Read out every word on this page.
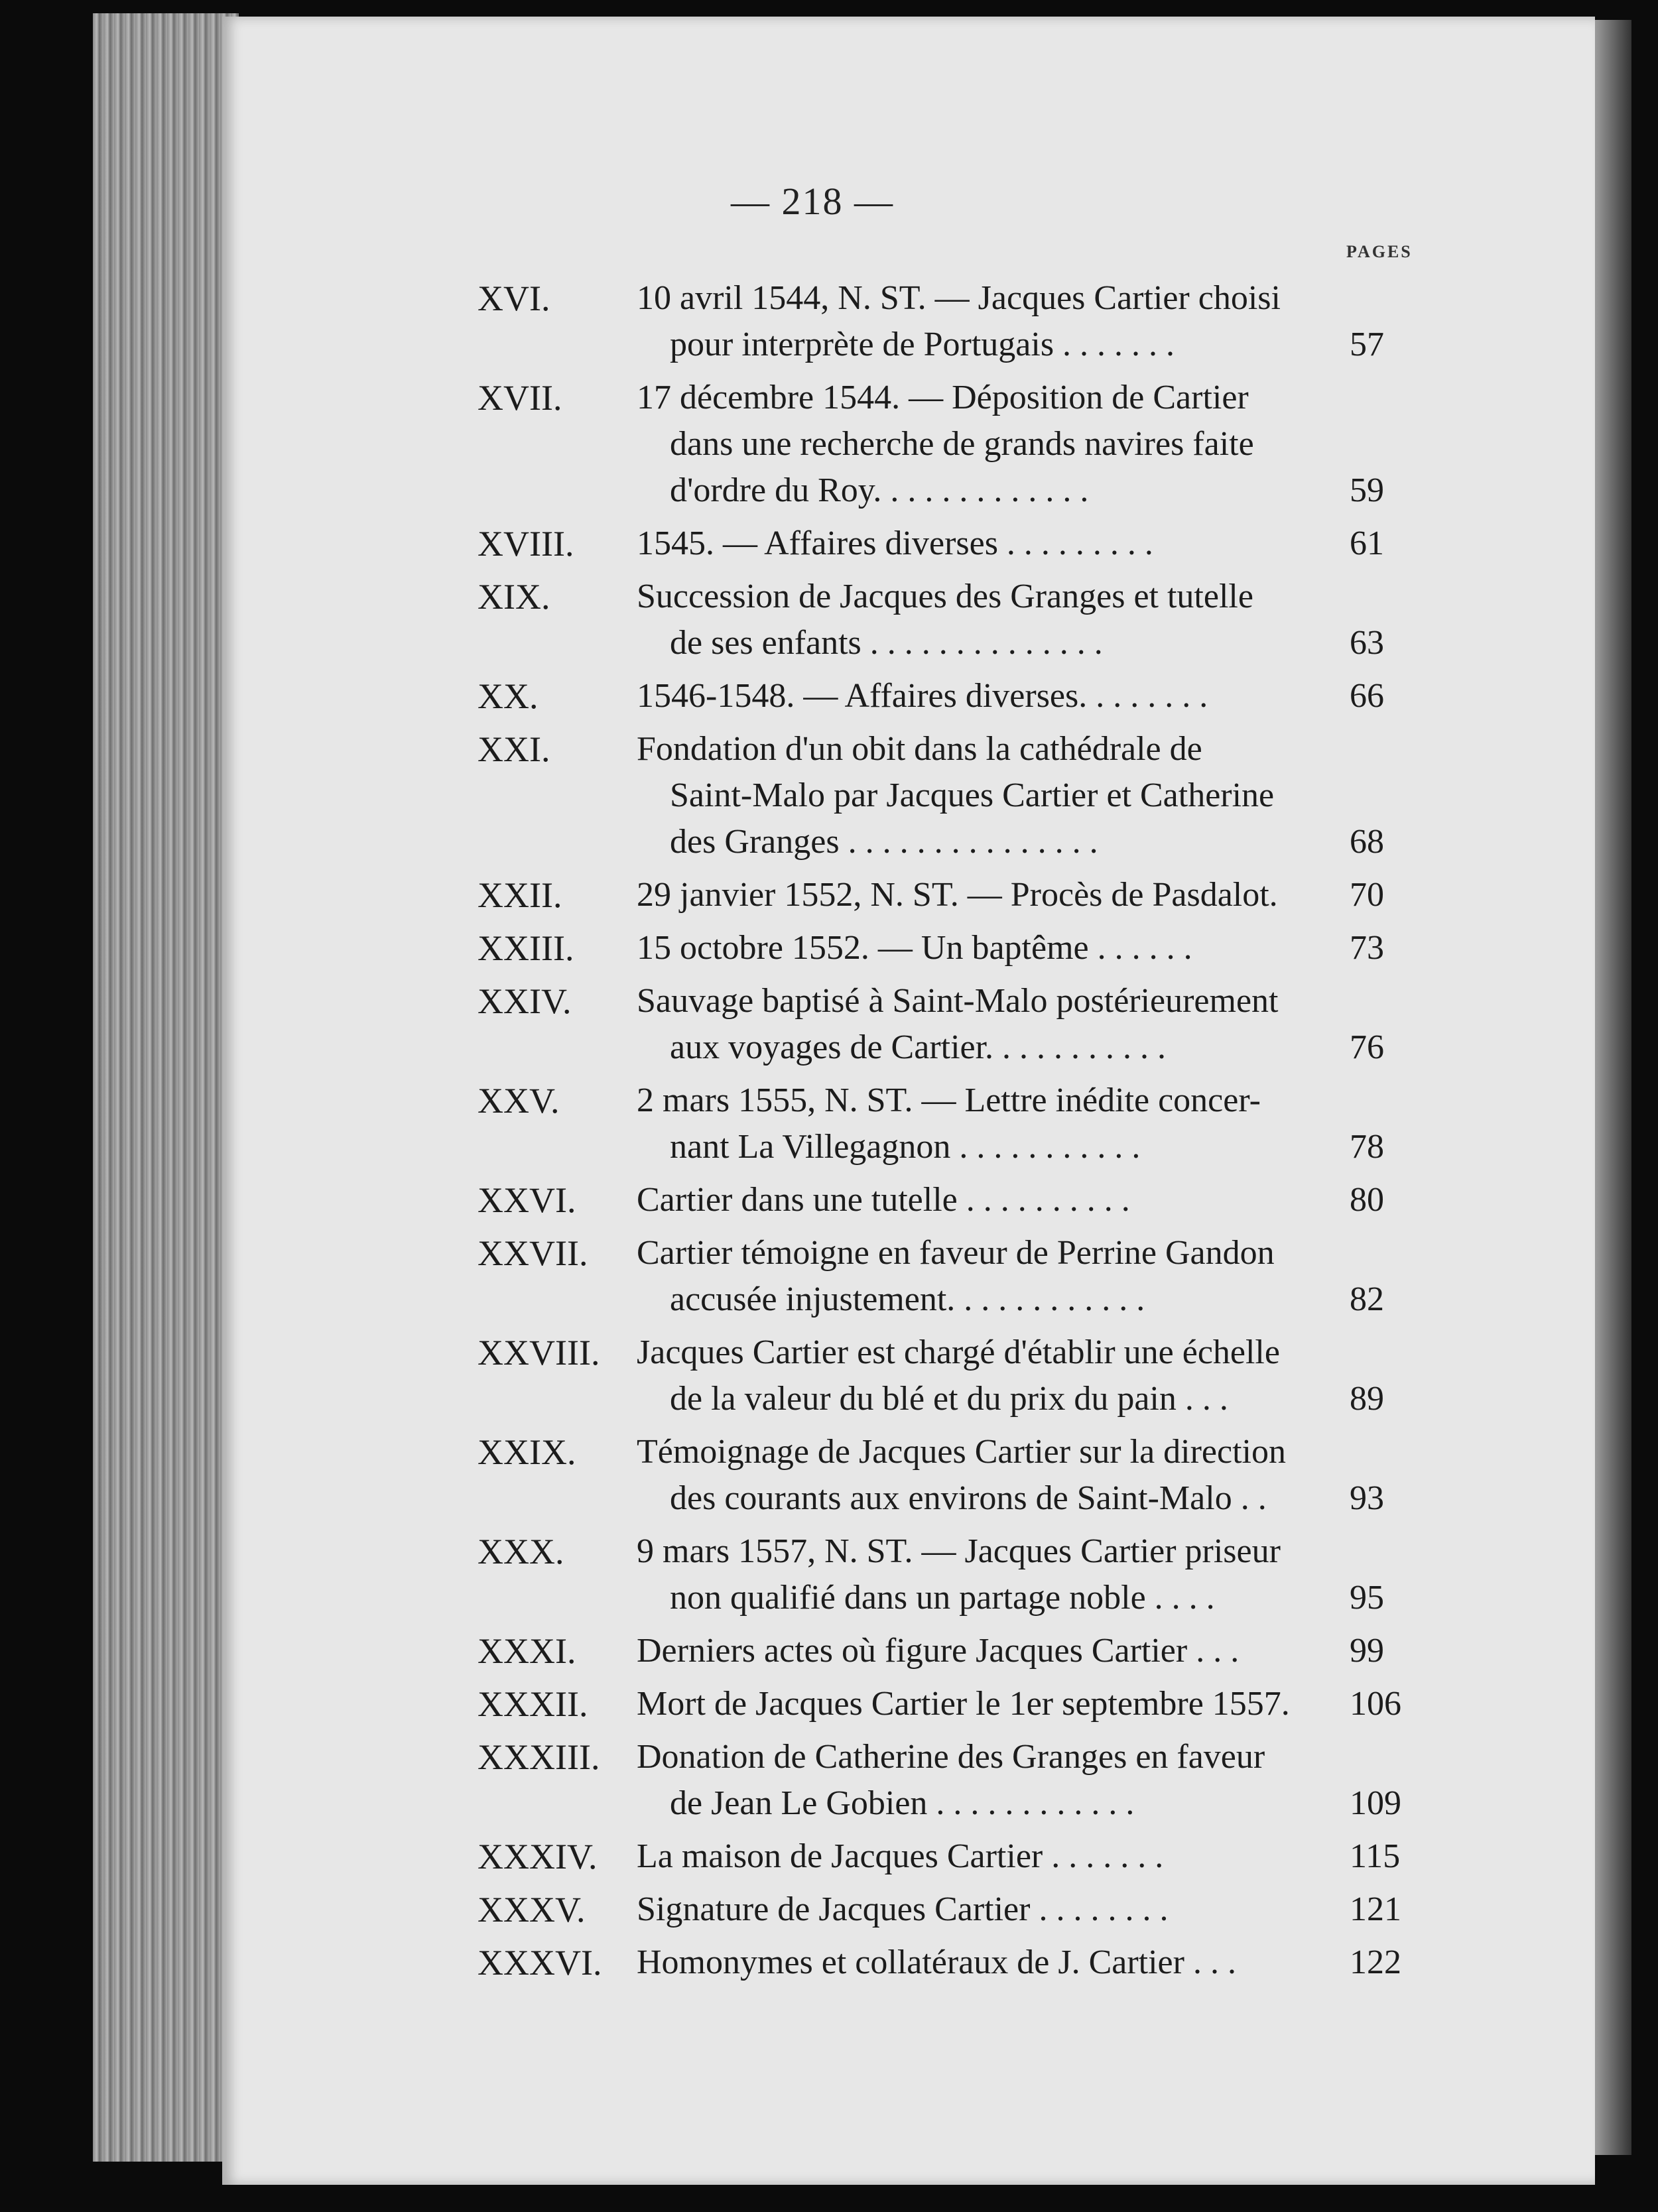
— 218 —
PAGES
XVI.	10 avril 1544, N. ST. — Jacques Cartier choisi
pour interprète de Portugais . . . . . . .	57
XVII. 17 décembre 1544. — Déposition de Cartier
dans une recherche de grands navires faite
d'ordre du Roy. . . . . . . . . . . . .	59
XVIII. 1545. — Affaires diverses . . . . . . . . .	61
XIX.	Succession de Jacques des Granges et tutelle
de ses enfants . . . . . . . . . . . . . .	63
XX.	1546-1548. — Affaires diverses. . . . . . . .	66
XXI.	Fondation d'un obit dans la cathédrale de
Saint-Malo par Jacques Cartier et Catherine
des Granges . . . . . . . . . . . . . . .	68
XXII. 29 janvier 1552, N. ST. — Procès de Pasdalot.	70
XXIII. 15 octobre 1552. — Un baptême . . . . . .	73
XXIV. Sauvage baptisé à Saint-Malo postérieurement
aux voyages de Cartier. . . . . . . . . . .	76
XXV. 2 mars 1555, N. ST. — Lettre inédite concer-
nant La Villegagnon . . . . . . . . . . .	78
XXVI. Cartier dans une tutelle . . . . . . . . . .	80
XXVII. Cartier témoigne en faveur de Perrine Gandon
accusée injustement. . . . . . . . . . . .	82
XXVIII. Jacques Cartier est chargé d'établir une échelle
de la valeur du blé et du prix du pain . . .	89
XXIX. Témoignage de Jacques Cartier sur la direction
des courants aux environs de Saint-Malo . .	93
XXX. 9 mars 1557, N. ST. — Jacques Cartier priseur
non qualifié dans un partage noble . . . .	95
XXXI. Derniers actes où figure Jacques Cartier . . .	99
XXXII. Mort de Jacques Cartier le 1er septembre 1557.	106
XXXIII. Donation de Catherine des Granges en faveur
de Jean Le Gobien . . . . . . . . . . . .	109
XXXIV. La maison de Jacques Cartier . . . . . . .	115
XXXV. Signature de Jacques Cartier . . . . . . . .	121
XXXVI. Homonymes et collatéraux de J. Cartier . . .	122
